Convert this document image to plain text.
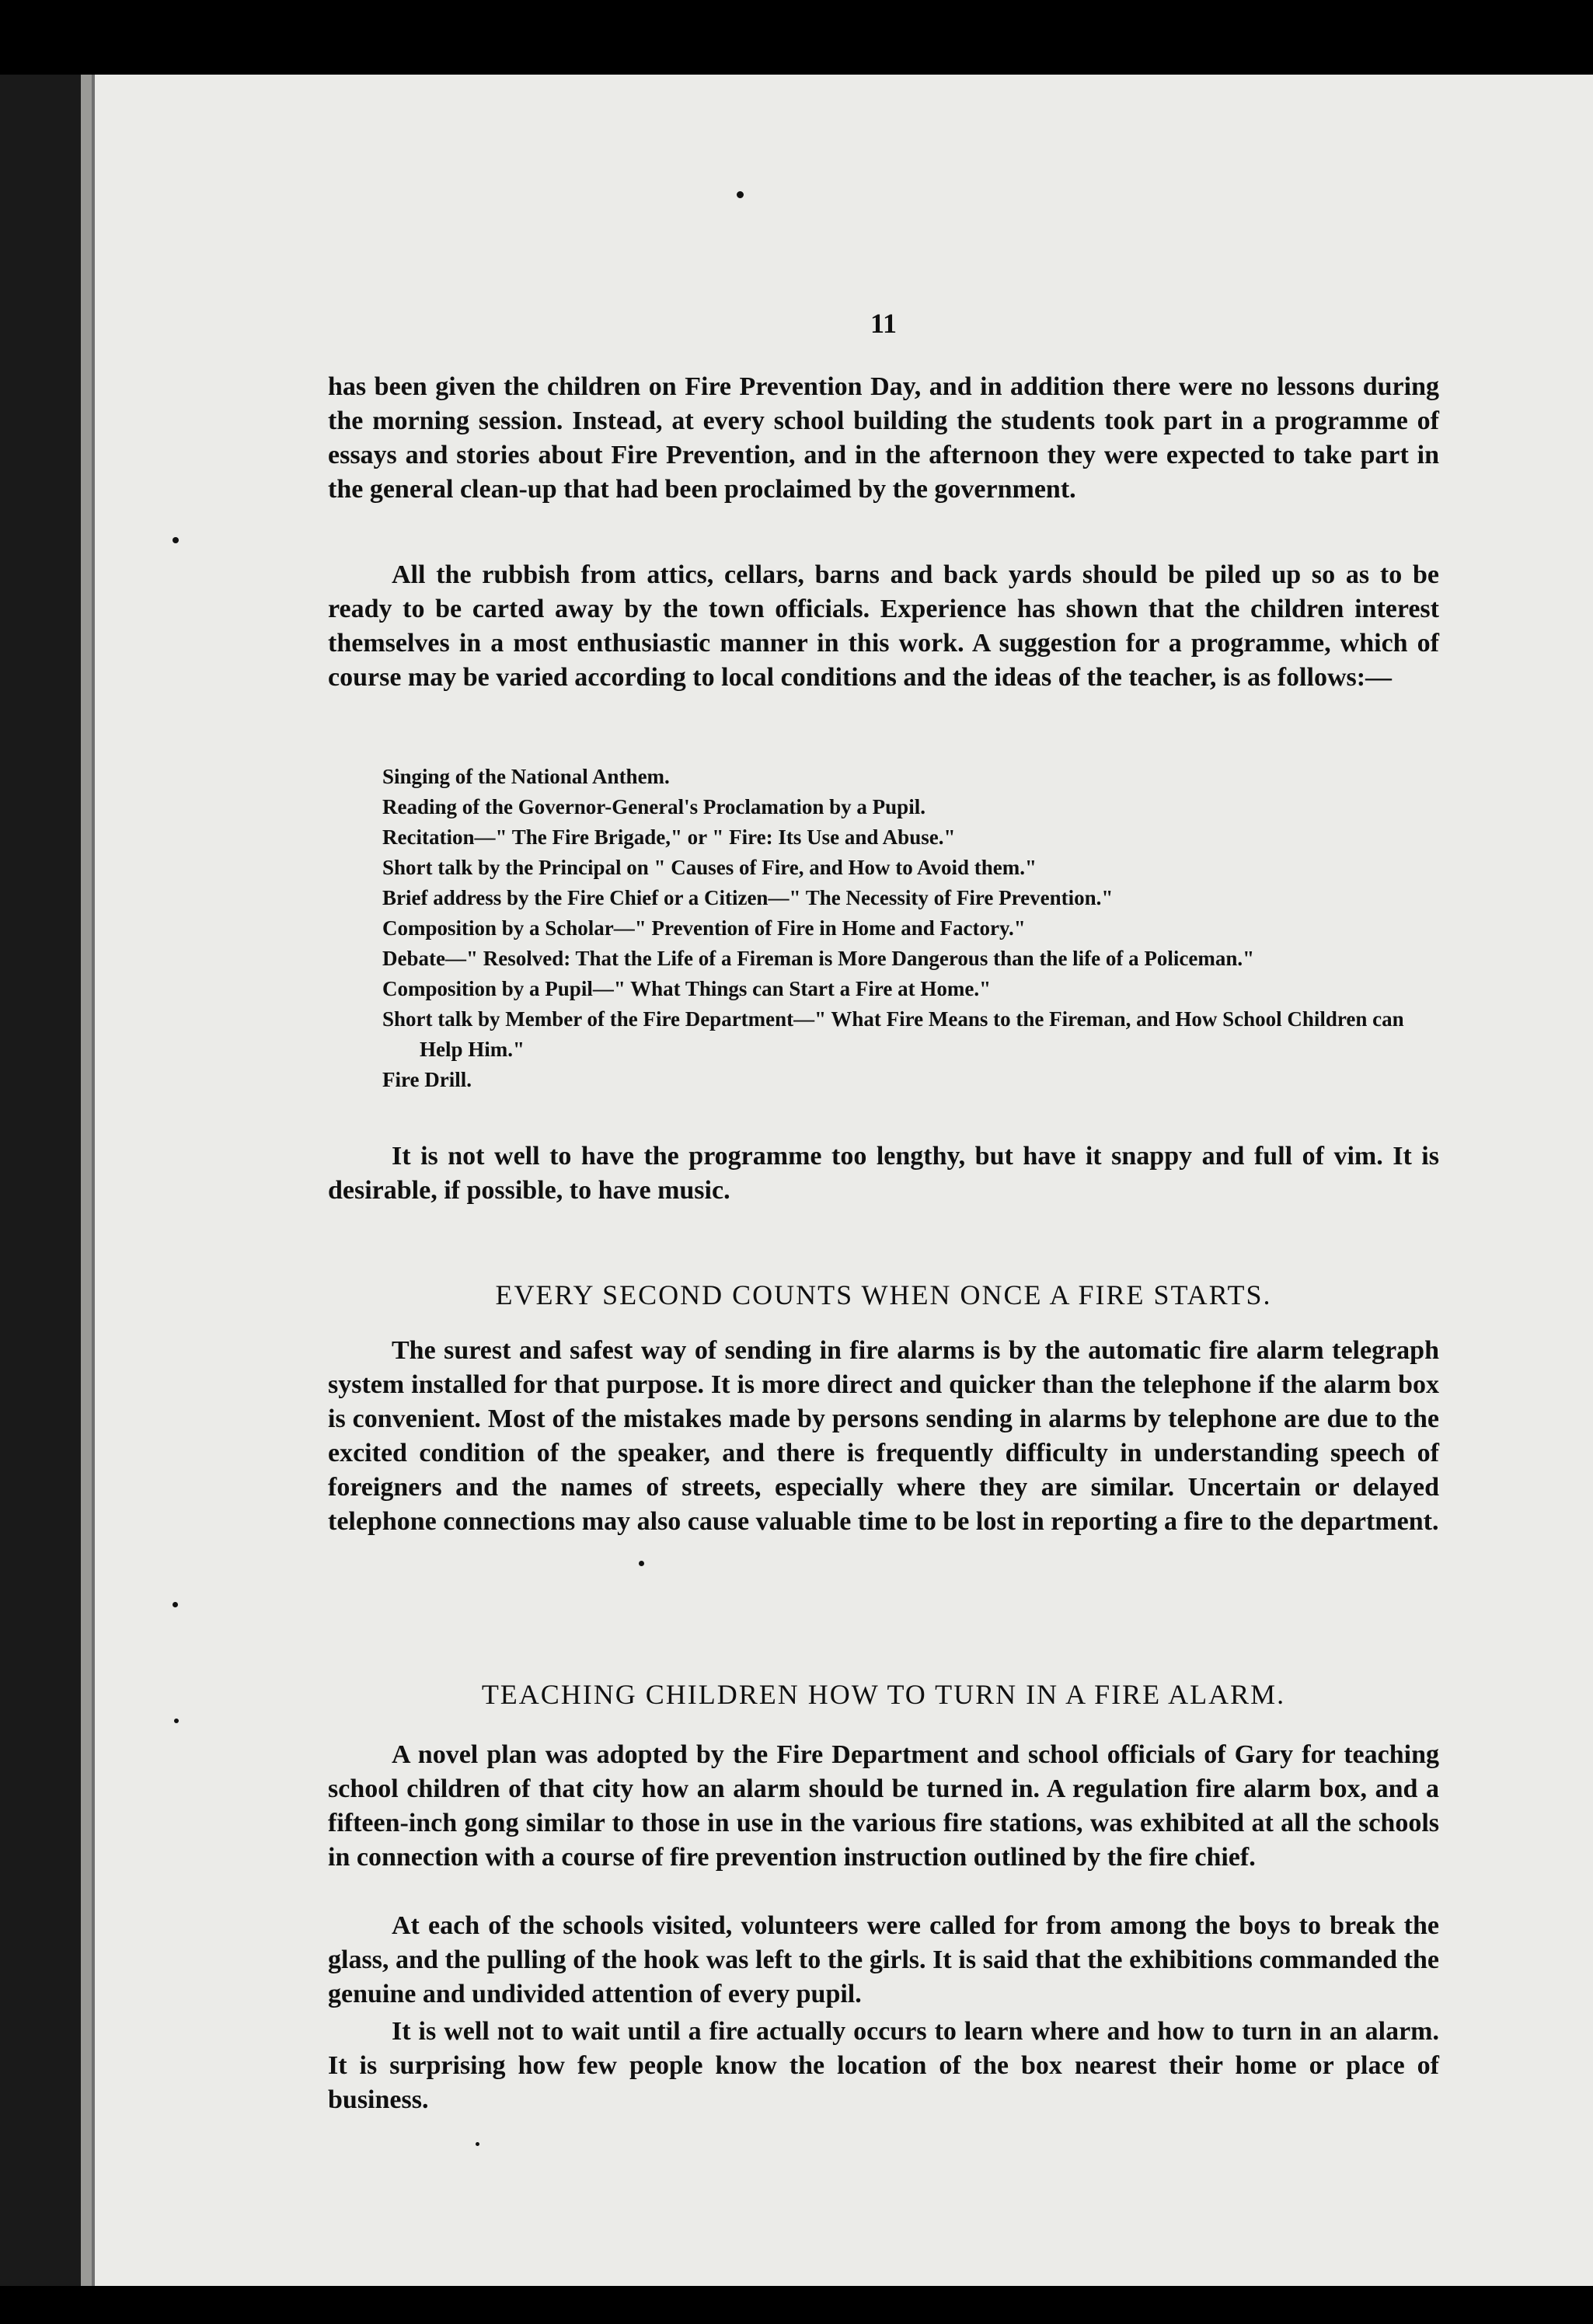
11

has been given the children on Fire Prevention Day, and in addition there were no lessons during the morning session. Instead, at every school building the students took part in a programme of essays and stories about Fire Prevention, and in the afternoon they were expected to take part in the general clean-up that had been proclaimed by the government.

All the rubbish from attics, cellars, barns and back yards should be piled up so as to be ready to be carted away by the town officials. Experience has shown that the children interest themselves in a most enthusiastic manner in this work. A suggestion for a programme, which of course may be varied according to local conditions and the ideas of the teacher, is as follows:—

Singing of the National Anthem.
Reading of the Governor-General's Proclamation by a Pupil.
Recitation—" The Fire Brigade," or " Fire: Its Use and Abuse."
Short talk by the Principal on " Causes of Fire, and How to Avoid them."
Brief address by the Fire Chief or a Citizen—" The Necessity of Fire Prevention."
Composition by a Scholar—" Prevention of Fire in Home and Factory."
Debate—" Resolved: That the Life of a Fireman is More Dangerous than the life of a Policeman."
Composition by a Pupil—" What Things can Start a Fire at Home."
Short talk by Member of the Fire Department—" What Fire Means to the Fireman, and How School Children can Help Him."
Fire Drill.

It is not well to have the programme too lengthy, but have it snappy and full of vim. It is desirable, if possible, to have music.

EVERY SECOND COUNTS WHEN ONCE A FIRE STARTS.

The surest and safest way of sending in fire alarms is by the automatic fire alarm telegraph system installed for that purpose. It is more direct and quicker than the telephone if the alarm box is convenient. Most of the mistakes made by persons sending in alarms by telephone are due to the excited condition of the speaker, and there is frequently difficulty in understanding speech of foreigners and the names of streets, especially where they are similar. Uncertain or delayed telephone connections may also cause valuable time to be lost in reporting a fire to the department.

TEACHING CHILDREN HOW TO TURN IN A FIRE ALARM.

A novel plan was adopted by the Fire Department and school officials of Gary for teaching school children of that city how an alarm should be turned in. A regulation fire alarm box, and a fifteen-inch gong similar to those in use in the various fire stations, was exhibited at all the schools in connection with a course of fire prevention instruction outlined by the fire chief.

At each of the schools visited, volunteers were called for from among the boys to break the glass, and the pulling of the hook was left to the girls. It is said that the exhibitions commanded the genuine and undivided attention of every pupil.

It is well not to wait until a fire actually occurs to learn where and how to turn in an alarm. It is surprising how few people know the location of the box nearest their home or place of business.
